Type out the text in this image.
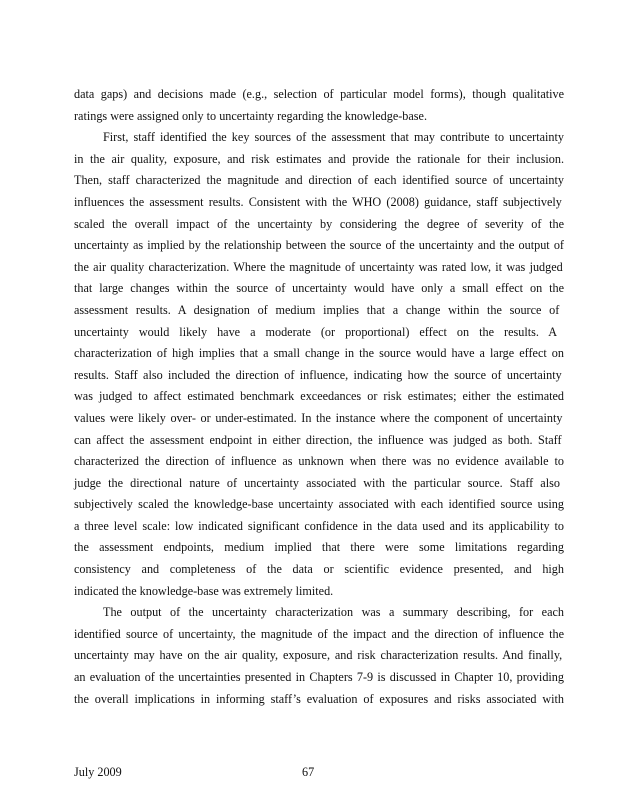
data gaps) and decisions made (e.g., selection of particular model forms), though qualitative
ratings were assigned only to uncertainty regarding the knowledge-base.
First, staff identified the key sources of the assessment that may contribute to uncertainty
in the air quality, exposure, and risk estimates and provide the rationale for their inclusion.
Then, staff characterized the magnitude and direction of each identified source of uncertainty
influences the assessment results. Consistent with the WHO (2008) guidance, staff subjectively
scaled the overall impact of the uncertainty by considering the degree of severity of the
uncertainty as implied by the relationship between the source of the uncertainty and the output of
the air quality characterization. Where the magnitude of uncertainty was rated low, it was judged
that large changes within the source of uncertainty would have only a small effect on the
assessment results. A designation of medium implies that a change within the source of
uncertainty would likely have a moderate (or proportional) effect on the results. A
characterization of high implies that a small change in the source would have a large effect on
results. Staff also included the direction of influence, indicating how the source of uncertainty
was judged to affect estimated benchmark exceedances or risk estimates; either the estimated
values were likely over- or under-estimated. In the instance where the component of uncertainty
can affect the assessment endpoint in either direction, the influence was judged as both. Staff
characterized the direction of influence as unknown when there was no evidence available to
judge the directional nature of uncertainty associated with the particular source. Staff also
subjectively scaled the knowledge-base uncertainty associated with each identified source using
a three level scale: low indicated significant confidence in the data used and its applicability to
the assessment endpoints, medium implied that there were some limitations regarding
consistency and completeness of the data or scientific evidence presented, and high
indicated the knowledge-base was extremely limited.
The output of the uncertainty characterization was a summary describing, for each
identified source of uncertainty, the magnitude of the impact and the direction of influence the
uncertainty may have on the air quality, exposure, and risk characterization results. And finally,
an evaluation of the uncertainties presented in Chapters 7-9 is discussed in Chapter 10, providing
the overall implications in informing staff’s evaluation of exposures and risks associated with
July 2009	67
